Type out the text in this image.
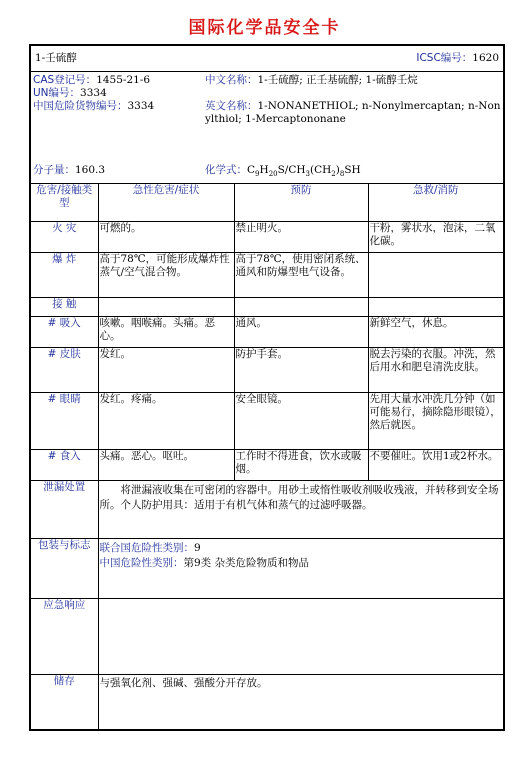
国际化学品安全卡
1-壬硫醇	ICSC编号：1620

CAS登记号：1455-21-6
UN编号：3334
中国危险货物编号：3334

中文名称：1-壬硫醇; 正壬基硫醇; 1-硫醇壬烷
英文名称：1-NONANETHIOL; n-Nonylmercaptan; n-Nonylthiol; 1-Mercaptononane

分子量：160.3	化学式：$C_9H_{20}S/CH_3(CH_2)_8SH$

危害/接触类型	急性危害/症状	预防	急救/消防
火 灾	可燃的。	禁止明火。	干粉，雾状水，泡沫，二氧化碳。
爆 炸	高于78℃，可能形成爆炸性蒸气/空气混合物。	高于78℃，使用密闭系统、通风和防爆型电气设备。	
接 触			
# 吸入	咳嗽。咽喉痛。头痛。恶心。	通风。	新鲜空气，休息。
# 皮肤	发红。	防护手套。	脱去污染的衣服。冲洗，然后用水和肥皂清洗皮肤。
# 眼睛	发红。疼痛。	安全眼镜。	先用大量水冲洗几分钟（如可能易行，摘除隐形眼镜），然后就医。
# 食入	头痛。恶心。呕吐。	工作时不得进食，饮水或吸烟。	不要催吐。饮用1或2杯水。
泄漏处置	将泄漏液收集在可密闭的容器中。用砂土或惰性吸收剂吸收残液，并转移到安全场所。个人防护用具：适用于有机气体和蒸气的过滤呼吸器。
包装与标志	联合国危险性类别：9
中国危险性类别：第9类 杂类危险物质和物品

应急响应	
储存	与强氧化剂、强碱、强酸分开存放。
